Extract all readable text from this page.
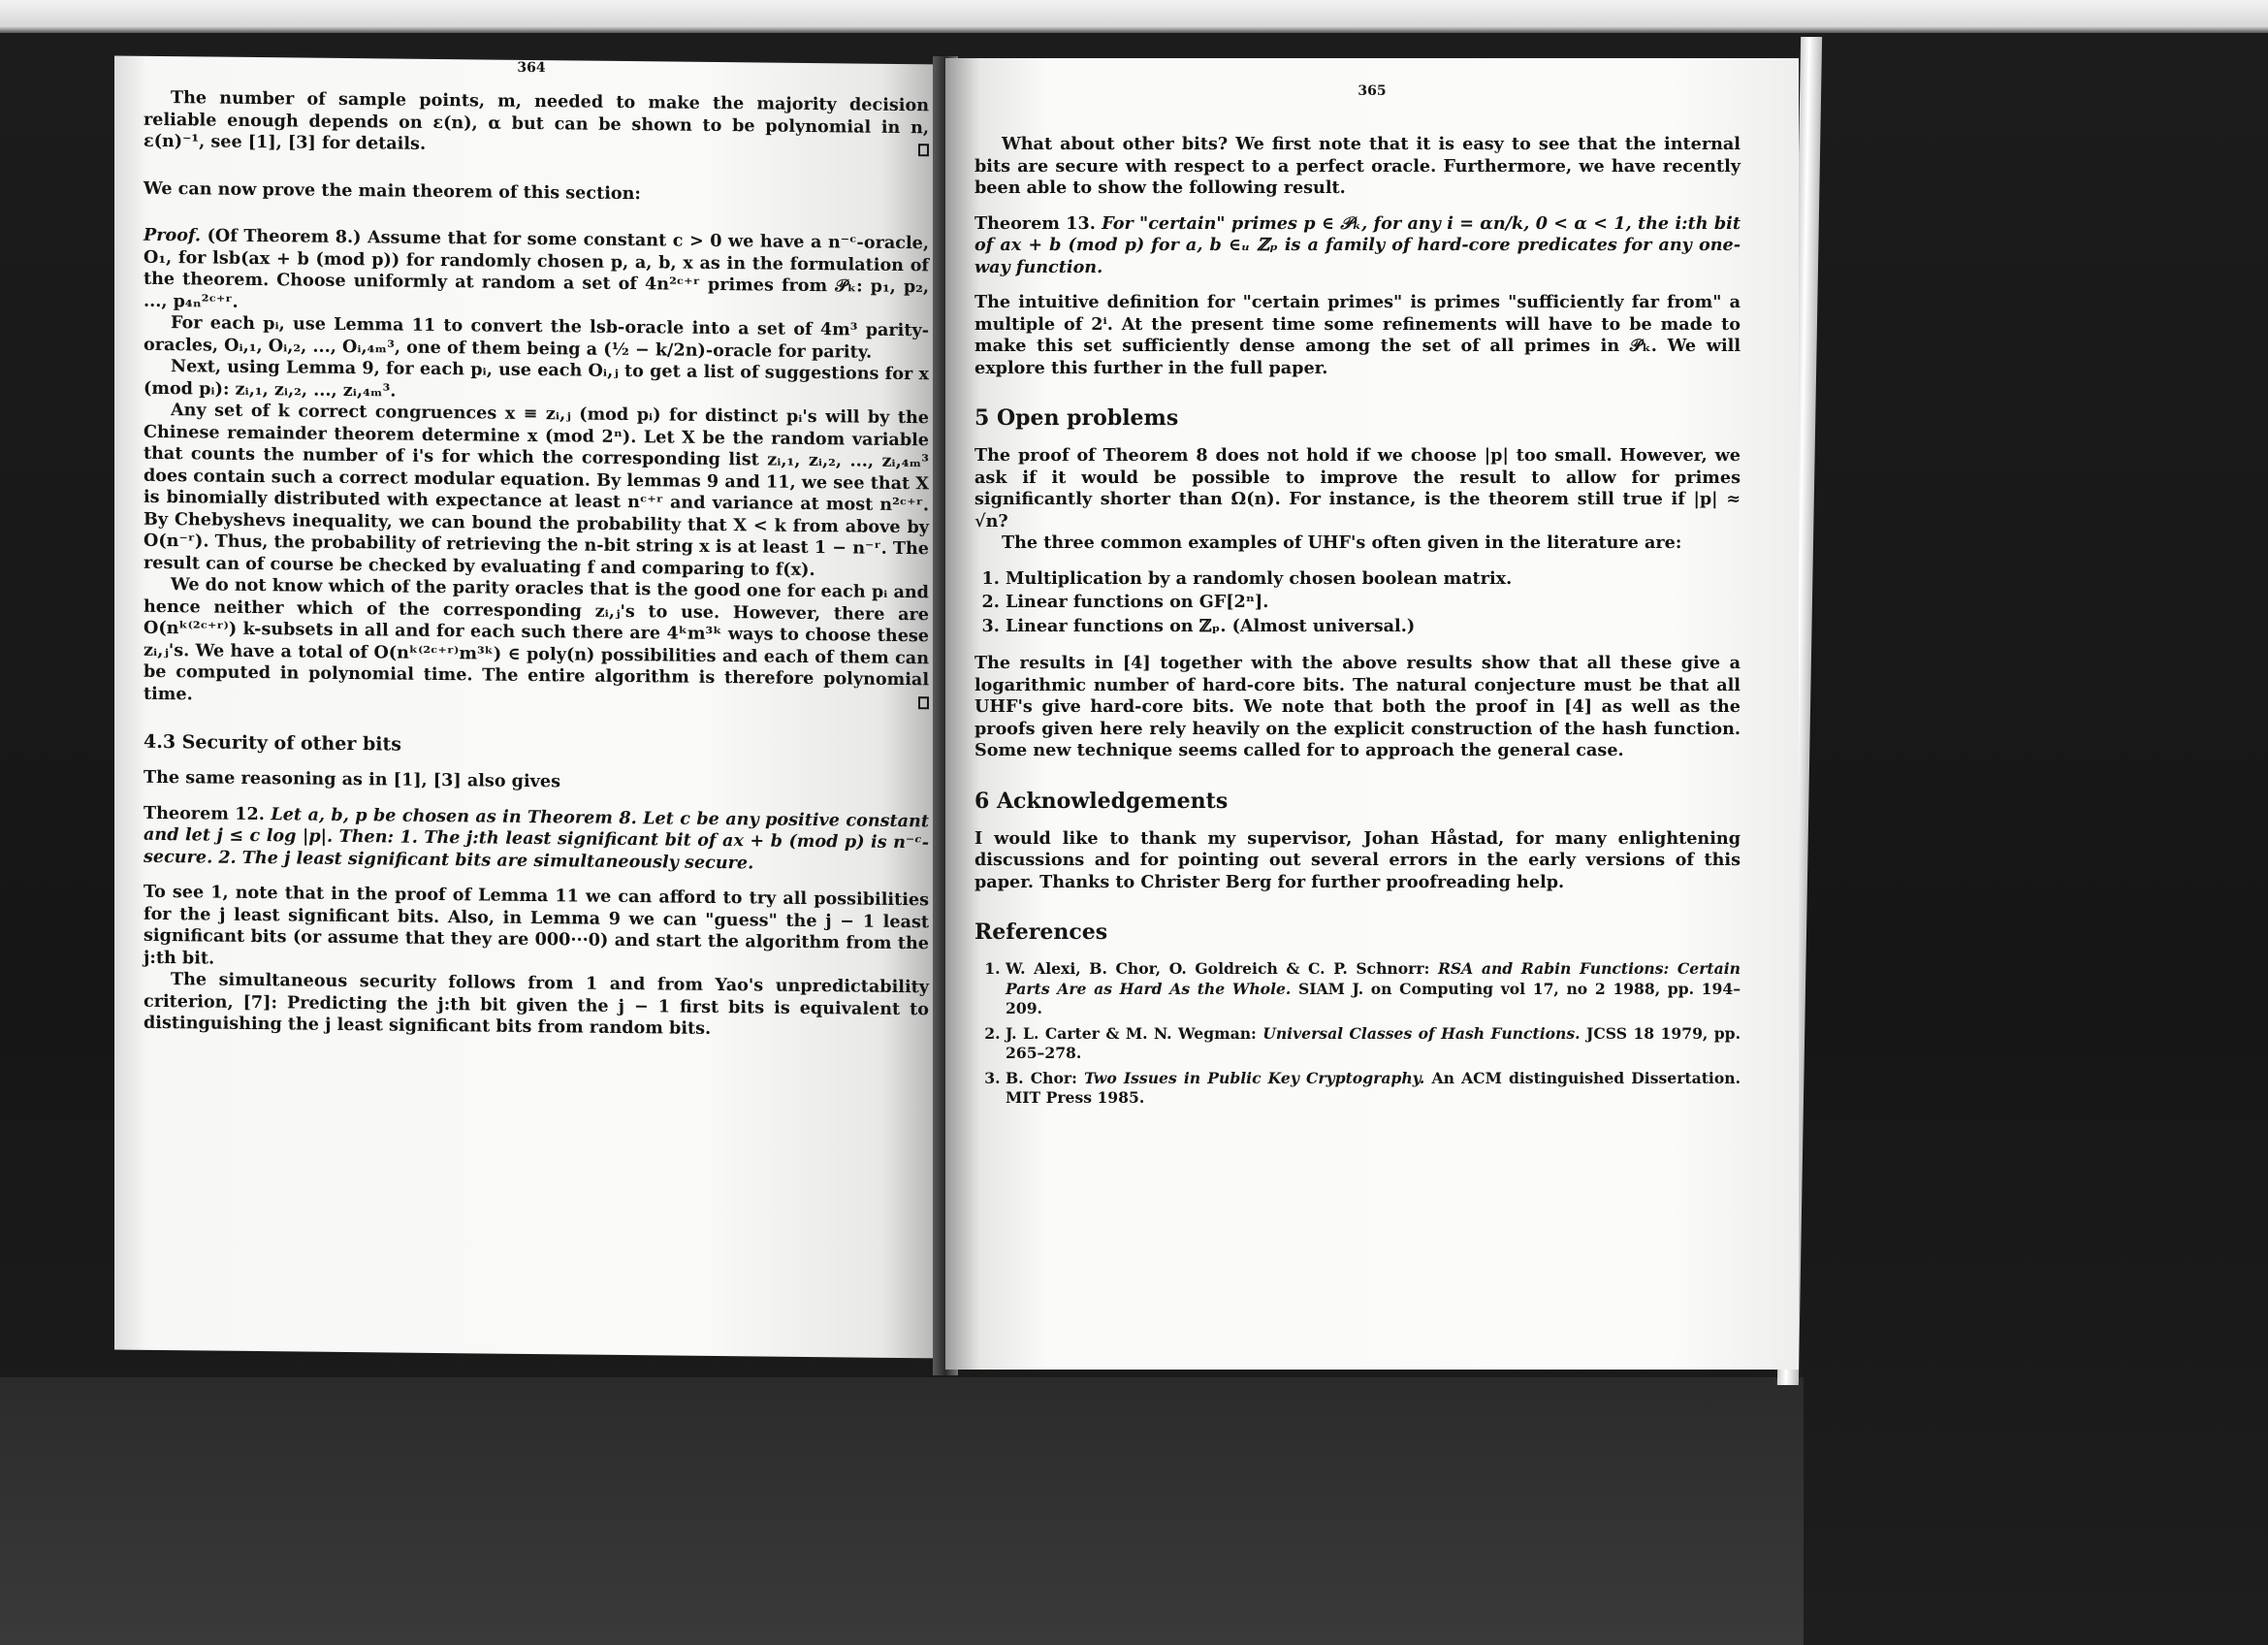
364

The number of sample points, m, needed to make the majority decision reliable enough depends on ε(n), α but can be shown to be polynomial in n, ε(n)⁻¹, see [1], [3] for details.

We can now prove the main theorem of this section:

Proof. (Of Theorem 8.) Assume that for some constant c > 0 we have a n⁻ᶜ-oracle, O₁, for lsb(ax + b (mod p)) for randomly chosen p, a, b, x as in the formulation of the theorem. Choose uniformly at random a set of 4n²ᶜ⁺ʳ primes from 𝒫ₖ: p₁, p₂, ..., p₄ₙ²ᶜ⁺ʳ.

For each pᵢ, use Lemma 11 to convert the lsb-oracle into a set of 4m³ parity-oracles, Oᵢ,₁, Oᵢ,₂, ..., Oᵢ,₄ₘ³, one of them being a (½ − k/2n)-oracle for parity.

Next, using Lemma 9, for each pᵢ, use each Oᵢ,ⱼ to get a list of suggestions for x (mod pᵢ): zᵢ,₁, zᵢ,₂, ..., zᵢ,₄ₘ³.

Any set of k correct congruences x ≡ zᵢ,ⱼ (mod pᵢ) for distinct pᵢ's will by the Chinese remainder theorem determine x (mod 2ⁿ). Let X be the random variable that counts the number of i's for which the corresponding list zᵢ,₁, zᵢ,₂, ..., zᵢ,₄ₘ³ does contain such a correct modular equation. By lemmas 9 and 11, we see that X is binomially distributed with expectance at least nᶜ⁺ʳ and variance at most n²ᶜ⁺ʳ. By Chebyshevs inequality, we can bound the probability that X < k from above by O(n⁻ʳ). Thus, the probability of retrieving the n-bit string x is at least 1 − n⁻ʳ. The result can of course be checked by evaluating f and comparing to f(x).

We do not know which of the parity oracles that is the good one for each pᵢ and hence neither which of the corresponding zᵢ,ⱼ's to use. However, there are O(nᵏ⁽²ᶜ⁺ʳ⁾) k-subsets in all and for each such there are 4ᵏm³ᵏ ways to choose these zᵢ,ⱼ's. We have a total of O(nᵏ⁽²ᶜ⁺ʳ⁾m³ᵏ) ∈ poly(n) possibilities and each of them can be computed in polynomial time. The entire algorithm is therefore polynomial time.

4.3 Security of other bits

The same reasoning as in [1], [3] also gives

Theorem 12. Let a, b, p be chosen as in Theorem 8. Let c be any positive constant and let j ≤ c log |p|. Then: 1. The j:th least significant bit of ax + b (mod p) is n⁻ᶜ-secure. 2. The j least significant bits are simultaneously secure.

To see 1, note that in the proof of Lemma 11 we can afford to try all possibilities for the j least significant bits. Also, in Lemma 9 we can "guess" the j − 1 least significant bits (or assume that they are 000···0) and start the algorithm from the j:th bit.

The simultaneous security follows from 1 and from Yao's unpredictability criterion, [7]: Predicting the j:th bit given the j − 1 first bits is equivalent to distinguishing the j least significant bits from random bits.

365

What about other bits? We first note that it is easy to see that the internal bits are secure with respect to a perfect oracle. Furthermore, we have recently been able to show the following result.

Theorem 13. For "certain" primes p ∈ 𝒫ₖ, for any i = αn/k, 0 < α < 1, the i:th bit of ax + b (mod p) for a, b ∈ᵤ ℤₚ is a family of hard-core predicates for any one-way function.

The intuitive definition for "certain primes" is primes "sufficiently far from" a multiple of 2ⁱ. At the present time some refinements will have to be made to make this set sufficiently dense among the set of all primes in 𝒫ₖ. We will explore this further in the full paper.

5 Open problems

The proof of Theorem 8 does not hold if we choose |p| too small. However, we ask if it would be possible to improve the result to allow for primes significantly shorter than Ω(n). For instance, is the theorem still true if |p| ≈ √n?

The three common examples of UHF's often given in the literature are:

1. Multiplication by a randomly chosen boolean matrix.
2. Linear functions on GF[2ⁿ].
3. Linear functions on ℤₚ. (Almost universal.)

The results in [4] together with the above results show that all these give a logarithmic number of hard-core bits. The natural conjecture must be that all UHF's give hard-core bits. We note that both the proof in [4] as well as the proofs given here rely heavily on the explicit construction of the hash function. Some new technique seems called for to approach the general case.

6 Acknowledgements

I would like to thank my supervisor, Johan Håstad, for many enlightening discussions and for pointing out several errors in the early versions of this paper. Thanks to Christer Berg for further proofreading help.

References

1. W. Alexi, B. Chor, O. Goldreich & C. P. Schnorr: RSA and Rabin Functions: Certain Parts Are as Hard As the Whole. SIAM J. on Computing vol 17, no 2 1988, pp. 194–209.
2. J. L. Carter & M. N. Wegman: Universal Classes of Hash Functions. JCSS 18 1979, pp. 265–278.
3. B. Chor: Two Issues in Public Key Cryptography. An ACM distinguished Dissertation. MIT Press 1985.
